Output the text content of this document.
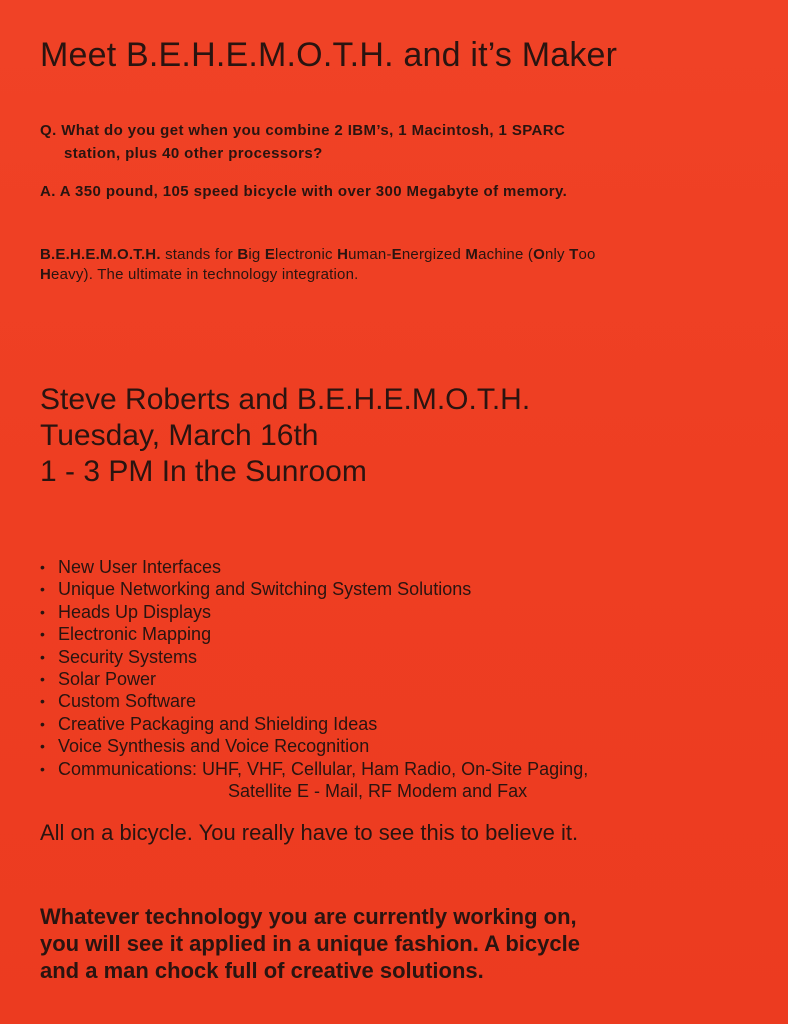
Meet B.E.H.E.M.O.T.H. and it’s Maker
Q. What do you get when you combine 2 IBM’s, 1 Macintosh, 1 SPARC
station, plus 40 other processors?
A. A 350 pound, 105 speed bicycle with over 300 Megabyte of memory.
B.E.H.E.M.O.T.H. stands for Big Electronic Human-Energized Machine (Only Too
Heavy). The ultimate in technology integration.
Steve Roberts and B.E.H.E.M.O.T.H.
Tuesday, March 16th
1 - 3 PM In the Sunroom
• New User Interfaces
• Unique Networking and Switching System Solutions
• Heads Up Displays
• Electronic Mapping
• Security Systems
• Solar Power
• Custom Software
• Creative Packaging and Shielding Ideas
• Voice Synthesis and Voice Recognition
• Communications: UHF, VHF, Cellular, Ham Radio, On-Site Paging,
Satellite E - Mail, RF Modem and Fax
All on a bicycle. You really have to see this to believe it.
Whatever technology you are currently working on,
you will see it applied in a unique fashion. A bicycle
and a man chock full of creative solutions.
